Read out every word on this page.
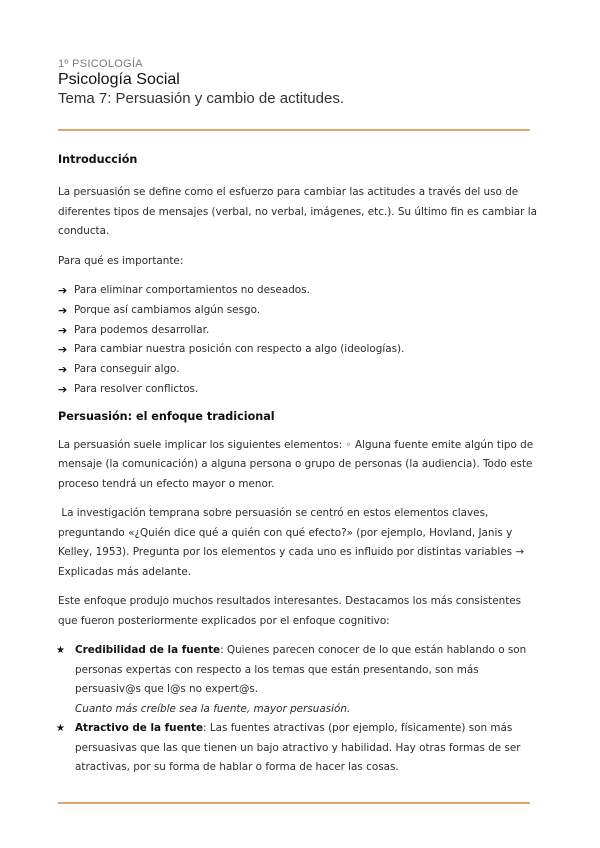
1º PSICOLOGÍA
Psicología Social
Tema 7: Persuasión y cambio de actitudes.
Introducción

La persuasión se define como el esfuerzo para cambiar las actitudes a través del uso de diferentes tipos de mensajes (verbal, no verbal, imágenes, etc.). Su último fin es cambiar la conducta.

Para qué es importante:

➔ Para eliminar comportamientos no deseados.
➔ Porque así cambiamos algún sesgo.
➔ Para podemos desarrollar.
➔ Para cambiar nuestra posición con respecto a algo (ideologías).
➔ Para conseguir algo.
➔ Para resolver conflictos.
Persuasión: el enfoque tradicional

La persuasión suele implicar los siguientes elementos: ◦ Alguna fuente emite algún tipo de mensaje (la comunicación) a alguna persona o grupo de personas (la audiencia). Todo este proceso tendrá un efecto mayor o menor.

La investigación temprana sobre persuasión se centró en estos elementos claves, preguntando «¿Quién dice qué a quién con qué efecto?» (por ejemplo, Hovland, Janis y Kelley, 1953). Pregunta por los elementos y cada uno es influido por distintas variables → Explicadas más adelante.

Este enfoque produjo muchos resultados interesantes. Destacamos los más consistentes que fueron posteriormente explicados por el enfoque cognitivo:

★ Credibilidad de la fuente: Quienes parecen conocer de lo que están hablando o son personas expertas con respecto a los temas que están presentando, son más persuasiv@s que l@s no expert@s.
Cuanto más creíble sea la fuente, mayor persuasión.
★ Atractivo de la fuente: Las fuentes atractivas (por ejemplo, físicamente) son más persuasivas que las que tienen un bajo atractivo y habilidad. Hay otras formas de ser atractivas, por su forma de hablar o forma de hacer las cosas.
